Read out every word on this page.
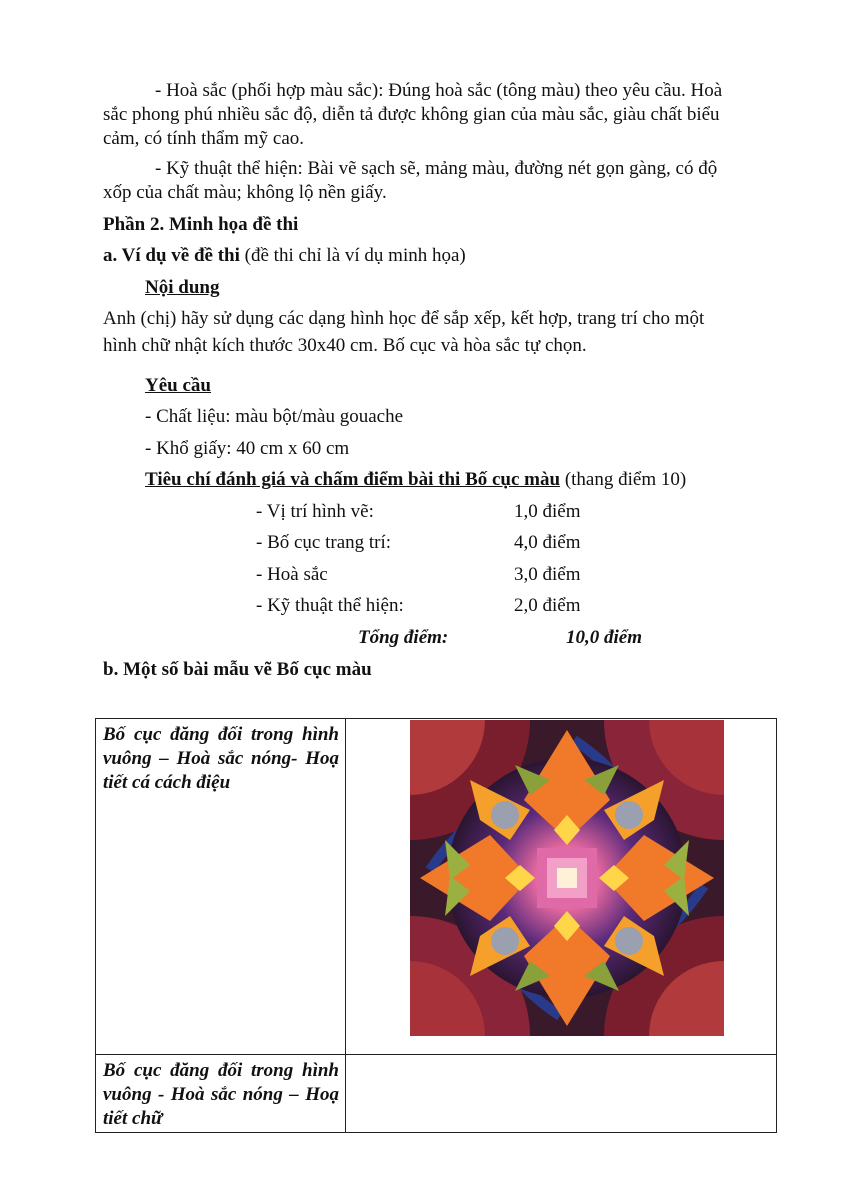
- Hoà sắc (phối hợp màu sắc): Đúng hoà sắc (tông màu) theo yêu cầu. Hoà
sắc phong phú nhiều sắc độ, diễn tả được không gian của màu sắc, giàu chất biểu
cảm, có tính thẩm mỹ cao.
- Kỹ thuật thể hiện: Bài vẽ sạch sẽ, mảng màu, đường nét gọn gàng, có độ
xốp của chất màu; không lộ nền giấy.
Phần 2. Minh họa đề thi
a. Ví dụ về đề thi (đề thi chỉ là ví dụ minh họa)
Nội dung
Anh (chị) hãy sử dụng các dạng hình học để sắp xếp, kết hợp, trang trí cho một
hình chữ nhật kích thước 30x40 cm. Bố cục và hòa sắc tự chọn.
Yêu cầu
- Chất liệu: màu bột/màu gouache
- Khổ giấy: 40 cm x 60 cm
Tiêu chí đánh giá và chấm điểm bài thi Bố cục màu (thang điểm 10)
- Vị trí hình vẽ:	1,0 điểm
- Bố cục trang trí:	4,0 điểm
- Hoà sắc	3,0 điểm
- Kỹ thuật thể hiện:	2,0 điểm
Tổng điểm:	10,0 điểm
b. Một số bài mẫu vẽ Bố cục màu
Bố cục đăng đối trong hình vuông – Hoà sắc nóng- Hoạ tiết cá cách điệu	

Bố cục đăng đối trong hình vuông - Hoà sắc nóng – Hoạ tiết chữ	
